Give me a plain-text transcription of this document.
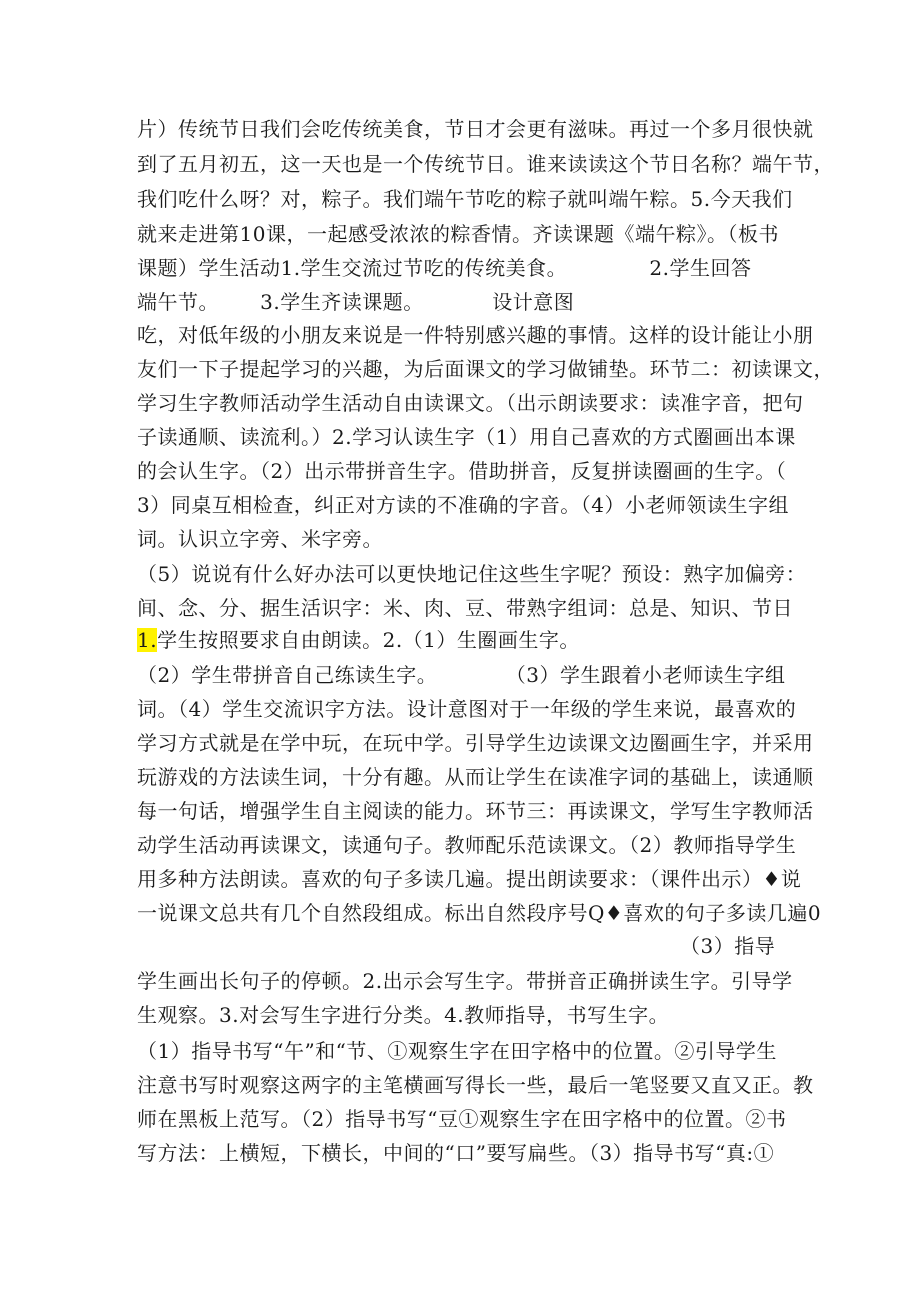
片）传统节日我们会吃传统美食，节日才会更有滋味。再过一个多月很快就
到了五月初五，这一天也是一个传统节日。谁来读读这个节日名称？端午节，
我们吃什么呀？对，粽子。我们端午节吃的粽子就叫端午粽。5.今天我们
就来走进第10课，一起感受浓浓的粽香情。齐读课题《端午粽》。（板书
课题）学生活动1.学生交流过节吃的传统美食。            2.学生回答
端午节。      3.学生齐读课题。          设计意图
吃，对低年级的小朋友来说是一件特别感兴趣的事情。这样的设计能让小朋
友们一下子提起学习的兴趣，为后面课文的学习做铺垫。环节二：初读课文，
学习生字教师活动学生活动自由读课文。（出示朗读要求：读准字音，把句
子读通顺、读流利。）2.学习认读生字（1）用自己喜欢的方式圈画出本课
的会认生字。（2）出示带拼音生字。借助拼音，反复拼读圈画的生字。（
3）同桌互相检查，纠正对方读的不准确的字音。（4）小老师领读生字组
词。认识立字旁、米字旁。
（5）说说有什么好办法可以更快地记住这些生字呢？预设：熟字加偏旁：
间、念、分、据生活识字：米、肉、豆、带熟字组词：总是、知识、节日
1.学生按照要求自由朗读。2.（1）生圈画生字。
（2）学生带拼音自己练读生字。          （3）学生跟着小老师读生字组
词。（4）学生交流识字方法。设计意图对于一年级的学生来说，最喜欢的
学习方式就是在学中玩，在玩中学。引导学生边读课文边圈画生字，并采用
玩游戏的方法读生词，十分有趣。从而让学生在读准字词的基础上，读通顺
每一句话，增强学生自主阅读的能力。环节三：再读课文，学写生字教师活
动学生活动再读课文，读通句子。教师配乐范读课文。（2）教师指导学生
用多种方法朗读。喜欢的句子多读几遍。提出朗读要求：（课件出示）♦说
一说课文总共有几个自然段组成。标出自然段序号Q♦喜欢的句子多读几遍0
（3）指导
学生画出长句子的停顿。2.出示会写生字。带拼音正确拼读生字。引导学
生观察。3.对会写生字进行分类。4.教师指导，书写生字。
（1）指导书写“午”和“节、①观察生字在田字格中的位置。②引导学生
注意书写时观察这两字的主笔横画写得长一些，最后一笔竖要又直又正。教
师在黑板上范写。（2）指导书写“豆①观察生字在田字格中的位置。②书
写方法：上横短，下横长，中间的“口”要写扁些。（3）指导书写“真:①
